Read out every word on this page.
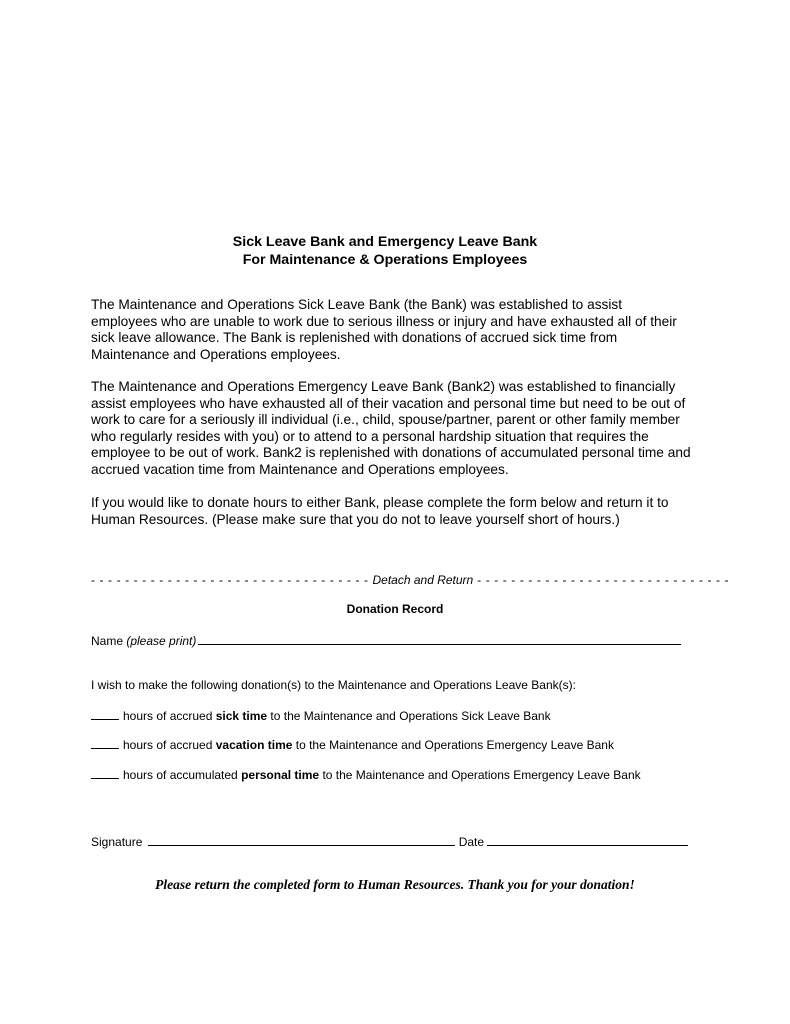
Sick Leave Bank and Emergency Leave Bank
For Maintenance & Operations Employees

The Maintenance and Operations Sick Leave Bank (the Bank) was established to assist
employees who are unable to work due to serious illness or injury and have exhausted all of their
sick leave allowance. The Bank is replenished with donations of accrued sick time from
Maintenance and Operations employees.

The Maintenance and Operations Emergency Leave Bank (Bank2) was established to financially
assist employees who have exhausted all of their vacation and personal time but need to be out of
work to care for a seriously ill individual (i.e., child, spouse/partner, parent or other family member
who regularly resides with you) or to attend to a personal hardship situation that requires the
employee to be out of work. Bank2 is replenished with donations of accumulated personal time and
accrued vacation time from Maintenance and Operations employees.

If you would like to donate hours to either Bank, please complete the form below and return it to
Human Resources. (Please make sure that you do not to leave yourself short of hours.)

- - - - - - - - - - - - - - - - - - - - - - - - - - - - - - - - - Detach and Return - - - - - - - - - - - - - - - - - - - - - - - - - - - - - -
Donation Record
Name (please print)
I wish to make the following donation(s) to the Maintenance and Operations Leave Bank(s):
hours of accrued sick time to the Maintenance and Operations Sick Leave Bank
hours of accrued vacation time to the Maintenance and Operations Emergency Leave Bank
hours of accumulated personal time to the Maintenance and Operations Emergency Leave Bank
Signature	Date
Please return the completed form to Human Resources. Thank you for your donation!
